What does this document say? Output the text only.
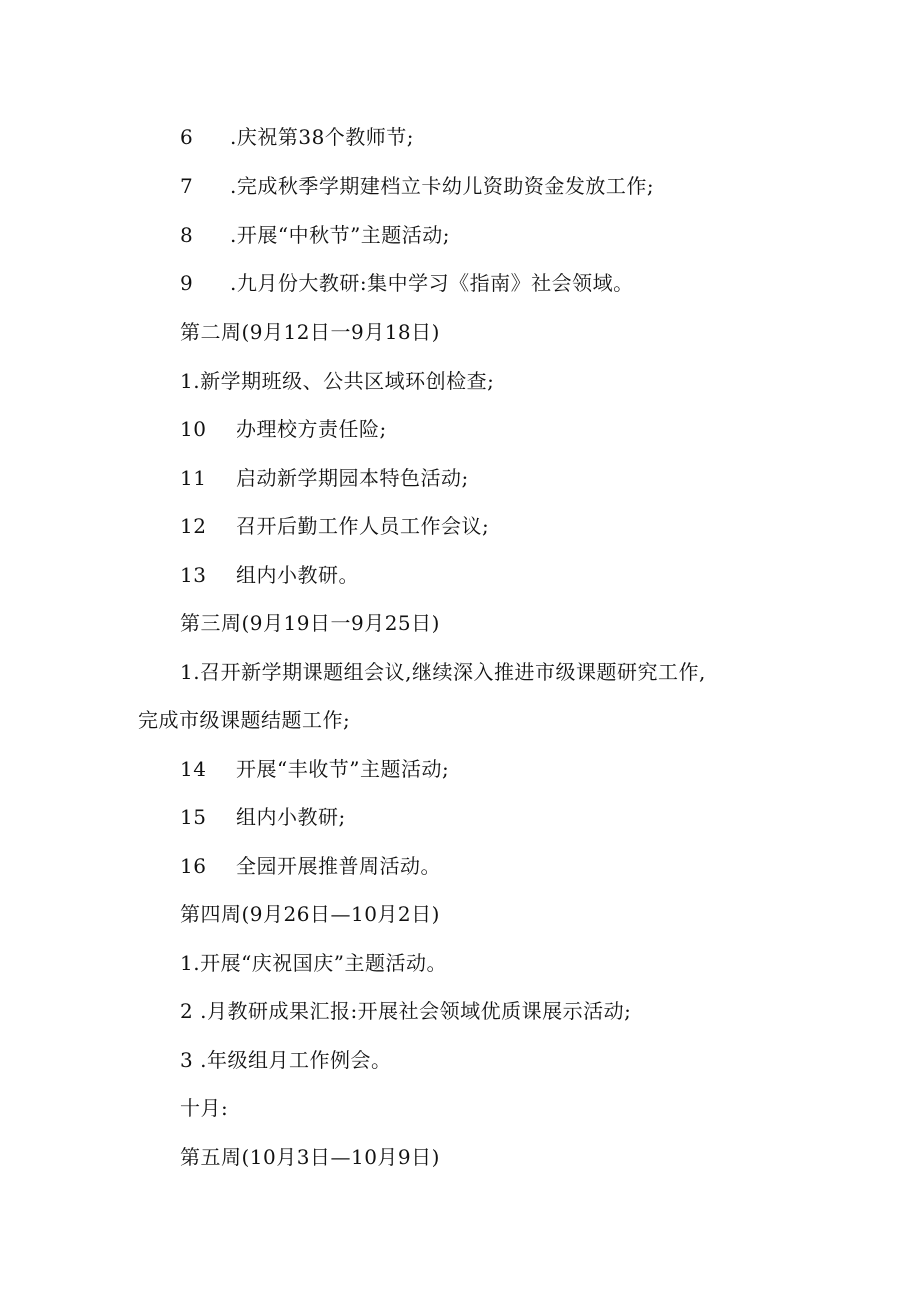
6 .庆祝第38个教师节;
7 .完成秋季学期建档立卡幼儿资助资金发放工作;
8 .开展“中秋节”主题活动;
9 .九月份大教研:集中学习《指南》社会领域。
第二周(9月12日一9月18日)
1.新学期班级、公共区域环创检查;
10 办理校方责任险;
11 启动新学期园本特色活动;
12 召开后勤工作人员工作会议;
13 组内小教研。
第三周(9月19日一9月25日)
1.召开新学期课题组会议,继续深入推进市级课题研究工作,
完成市级课题结题工作;
14 开展“丰收节”主题活动;
15 组内小教研;
16 全园开展推普周活动。
第四周(9月26日—10月2日)
1.开展“庆祝国庆”主题活动。
2 .月教研成果汇报:开展社会领域优质课展示活动;
3 .年级组月工作例会。
十月:
第五周(10月3日—10月9日)
